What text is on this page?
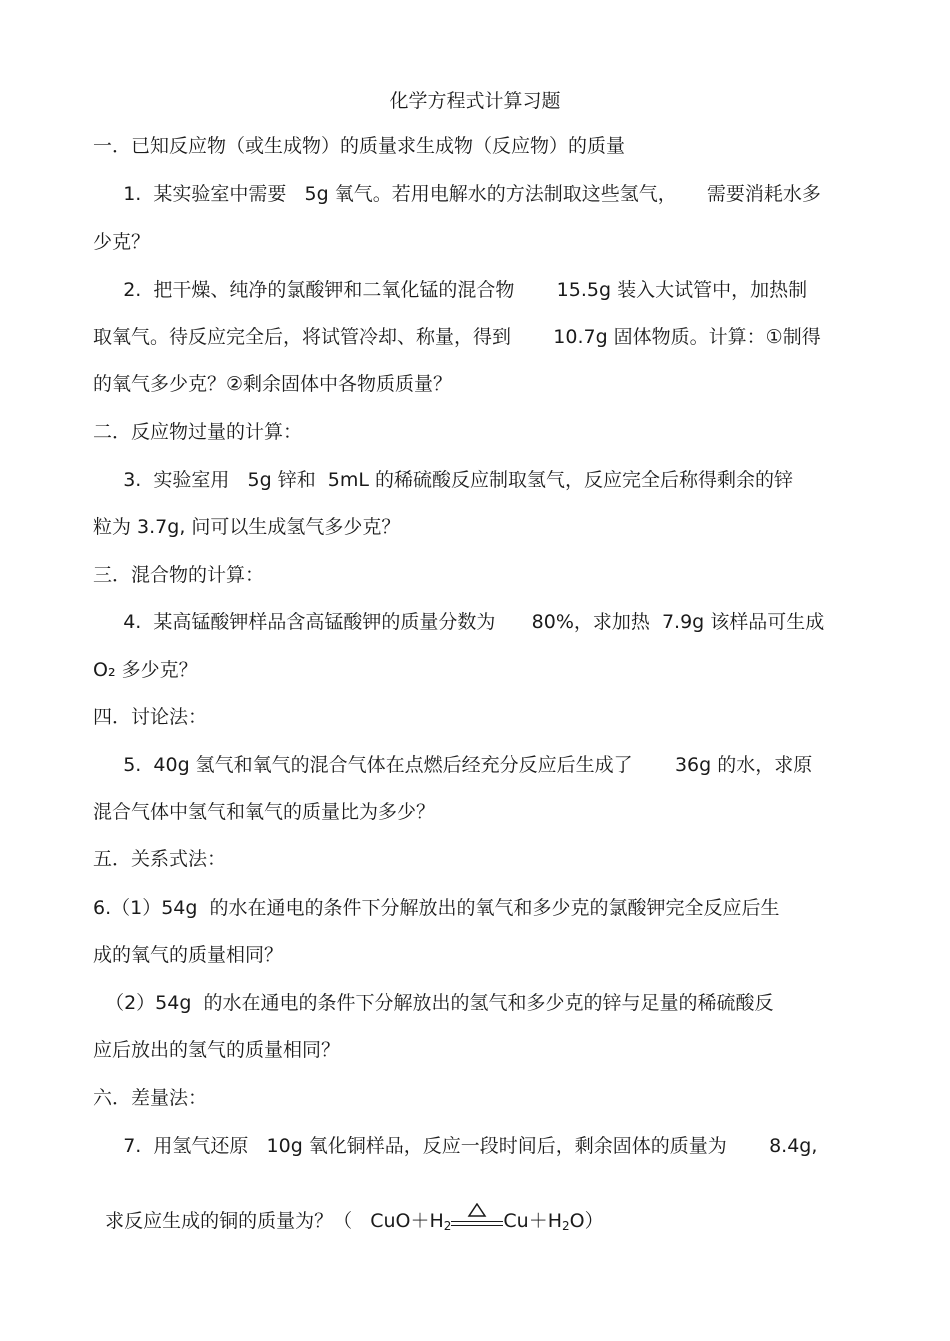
化学方程式计算习题
一．已知反应物（或生成物）的质量求生成物（反应物）的质量
1.  某实验室中需要   5g 氧气。若用电解水的方法制取这些氢气，     需要消耗水多
少克？
2.  把干燥、纯净的氯酸钾和二氧化锰的混合物       15.5g 装入大试管中，加热制
取氧气。待反应完全后，将试管冷却、称量，得到       10.7g 固体物质。计算：①制得
的氧气多少克？②剩余固体中各物质质量？
二．反应物过量的计算：
3.  实验室用   5g 锌和  5mL 的稀硫酸反应制取氢气，反应完全后称得剩余的锌
粒为 3.7g, 问可以生成氢气多少克？
三．混合物的计算：
4.  某高锰酸钾样品含高锰酸钾的质量分数为      80%，求加热  7.9g 该样品可生成
O₂ 多少克？
四．讨论法：
5.  40g 氢气和氧气的混合气体在点燃后经充分反应后生成了       36g 的水，求原
混合气体中氢气和氧气的质量比为多少？
五．关系式法：
6.（1）54g  的水在通电的条件下分解放出的氧气和多少克的氯酸钾完全反应后生
成的氧气的质量相同？
（2）54g  的水在通电的条件下分解放出的氢气和多少克的锌与足量的稀硫酸反
应后放出的氢气的质量相同？
六．差量法：
7.  用氢气还原   10g 氧化铜样品，反应一段时间后，剩余固体的质量为       8.4g,

求反应生成的铜的质量为？（   $CuO+H_2$	$Cu+H_2O$）
